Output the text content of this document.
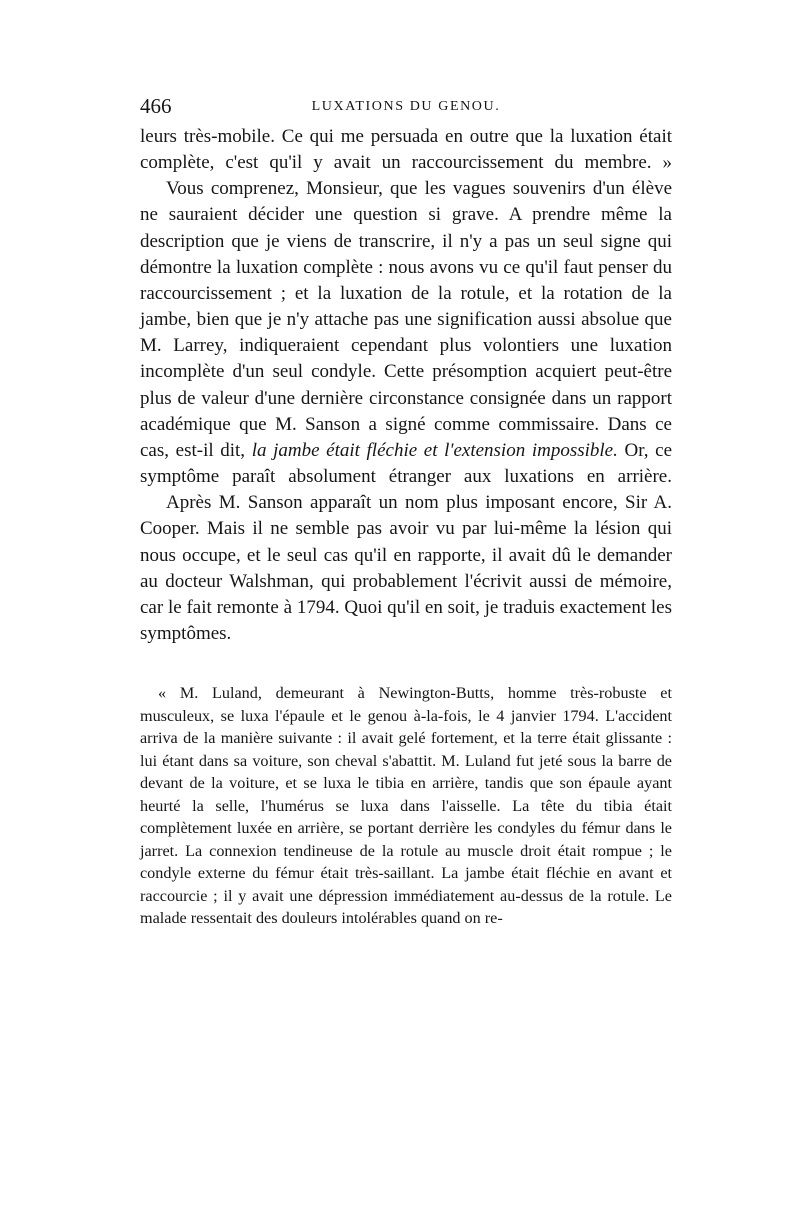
466	LUXATIONS DU GENOU.

leurs très-mobile. Ce qui me persuada en outre que la luxation était complète, c'est qu'il y avait un raccourcissement du membre. »

Vous comprenez, Monsieur, que les vagues souvenirs d'un élève ne sauraient décider une question si grave. A prendre même la description que je viens de transcrire, il n'y a pas un seul signe qui démontre la luxation complète : nous avons vu ce qu'il faut penser du raccourcissement ; et la luxation de la rotule, et la rotation de la jambe, bien que je n'y attache pas une signification aussi absolue que M. Larrey, indiqueraient cependant plus volontiers une luxation incomplète d'un seul condyle. Cette présomption acquiert peut-être plus de valeur d'une dernière circonstance consignée dans un rapport académique que M. Sanson a signé comme commissaire. Dans ce cas, est-il dit, la jambe était fléchie et l'extension impossible. Or, ce symptôme paraît absolument étranger aux luxations en arrière.

Après M. Sanson apparaît un nom plus imposant encore, Sir A. Cooper. Mais il ne semble pas avoir vu par lui-même la lésion qui nous occupe, et le seul cas qu'il en rapporte, il avait dû le demander au docteur Walshman, qui probablement l'écrivit aussi de mémoire, car le fait remonte à 1794. Quoi qu'il en soit, je traduis exactement les symptômes.

« M. Luland, demeurant à Newington-Butts, homme très-robuste et musculeux, se luxa l'épaule et le genou à-la-fois, le 4 janvier 1794. L'accident arriva de la manière suivante : il avait gelé fortement, et la terre était glissante : lui étant dans sa voiture, son cheval s'abattit. M. Luland fut jeté sous la barre de devant de la voiture, et se luxa le tibia en arrière, tandis que son épaule ayant heurté la selle, l'humérus se luxa dans l'aisselle. La tête du tibia était complètement luxée en arrière, se portant derrière les condyles du fémur dans le jarret. La connexion tendineuse de la rotule au muscle droit était rompue ; le condyle externe du fémur était très-saillant. La jambe était fléchie en avant et raccourcie ; il y avait une dépression immédiatement au-dessus de la rotule. Le malade ressentait des douleurs intolérables quand on re-
